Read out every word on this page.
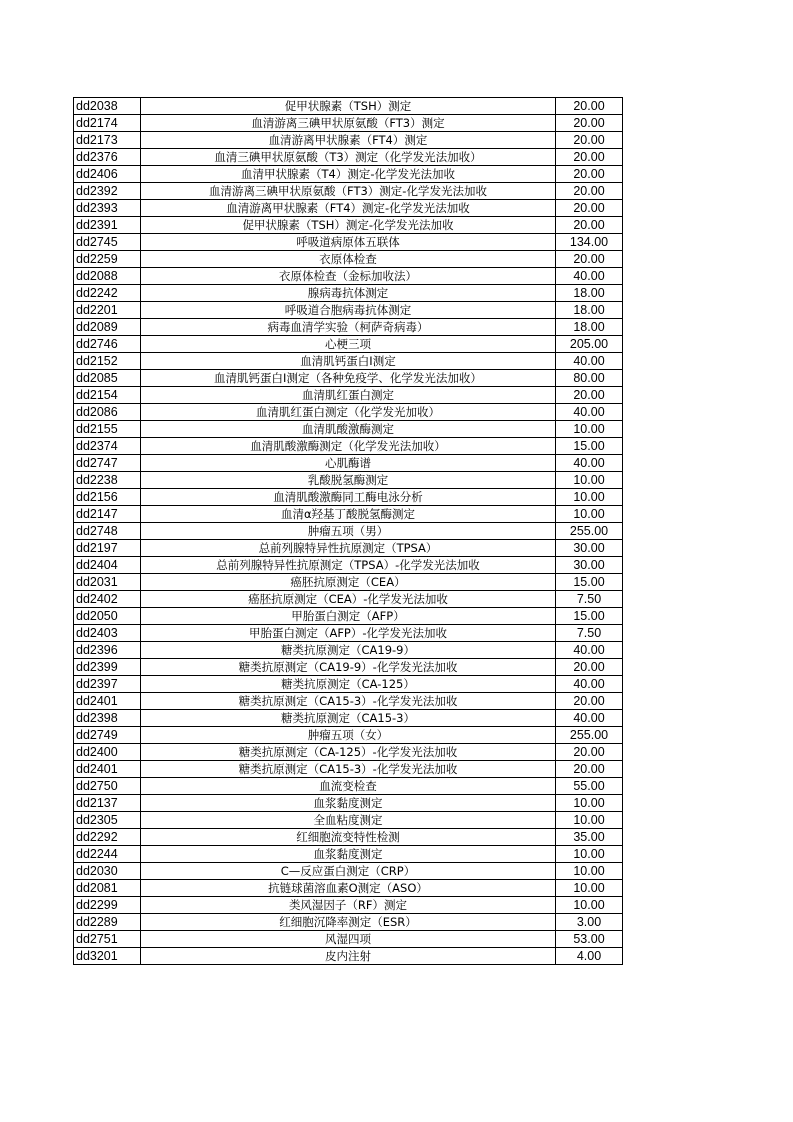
dd2038	促甲状腺素（TSH）测定	20.00
dd2174	血清游离三碘甲状原氨酸（FT3）测定	20.00
dd2173	血清游离甲状腺素（FT4）测定	20.00
dd2376	血清三碘甲状原氨酸（T3）测定（化学发光法加收）	20.00
dd2406	血清甲状腺素（T4）测定-化学发光法加收	20.00
dd2392	血清游离三碘甲状原氨酸（FT3）测定-化学发光法加收	20.00
dd2393	血清游离甲状腺素（FT4）测定-化学发光法加收	20.00
dd2391	促甲状腺素（TSH）测定-化学发光法加收	20.00
dd2745	呼吸道病原体五联体	134.00
dd2259	衣原体检查	20.00
dd2088	衣原体检查（金标加收法）	40.00
dd2242	腺病毒抗体测定	18.00
dd2201	呼吸道合胞病毒抗体测定	18.00
dd2089	病毒血清学实验（柯萨奇病毒）	18.00
dd2746	心梗三项	205.00
dd2152	血清肌钙蛋白Ⅰ测定	40.00
dd2085	血清肌钙蛋白Ⅰ测定（各种免疫学、化学发光法加收）	80.00
dd2154	血清肌红蛋白测定	20.00
dd2086	血清肌红蛋白测定（化学发光加收）	40.00
dd2155	血清肌酸激酶测定	10.00
dd2374	血清肌酸激酶测定（化学发光法加收）	15.00
dd2747	心肌酶谱	40.00
dd2238	乳酸脱氢酶测定	10.00
dd2156	血清肌酸激酶同工酶电泳分析	10.00
dd2147	血清α羟基丁酸脱氢酶测定	10.00
dd2748	肿瘤五项（男）	255.00
dd2197	总前列腺特异性抗原测定（TPSA）	30.00
dd2404	总前列腺特异性抗原测定（TPSA）-化学发光法加收	30.00
dd2031	癌胚抗原测定（CEA）	15.00
dd2402	癌胚抗原测定（CEA）-化学发光法加收	7.50
dd2050	甲胎蛋白测定（AFP）	15.00
dd2403	甲胎蛋白测定（AFP）-化学发光法加收	7.50
dd2396	糖类抗原测定（CA19-9）	40.00
dd2399	糖类抗原测定（CA19-9）-化学发光法加收	20.00
dd2397	糖类抗原测定（CA-125）	40.00
dd2401	糖类抗原测定（CA15-3）-化学发光法加收	20.00
dd2398	糖类抗原测定（CA15-3）	40.00
dd2749	肿瘤五项（女）	255.00
dd2400	糖类抗原测定（CA-125）-化学发光法加收	20.00
dd2401	糖类抗原测定（CA15-3）-化学发光法加收	20.00
dd2750	血流变检查	55.00
dd2137	血浆黏度测定	10.00
dd2305	全血粘度测定	10.00
dd2292	红细胞流变特性检测	35.00
dd2244	血浆黏度测定	10.00
dd2030	C—反应蛋白测定（CRP）	10.00
dd2081	抗链球菌溶血素O测定（ASO）	10.00
dd2299	类风湿因子（RF）测定	10.00
dd2289	红细胞沉降率测定（ESR）	3.00
dd2751	风湿四项	53.00
dd3201	皮内注射	4.00
